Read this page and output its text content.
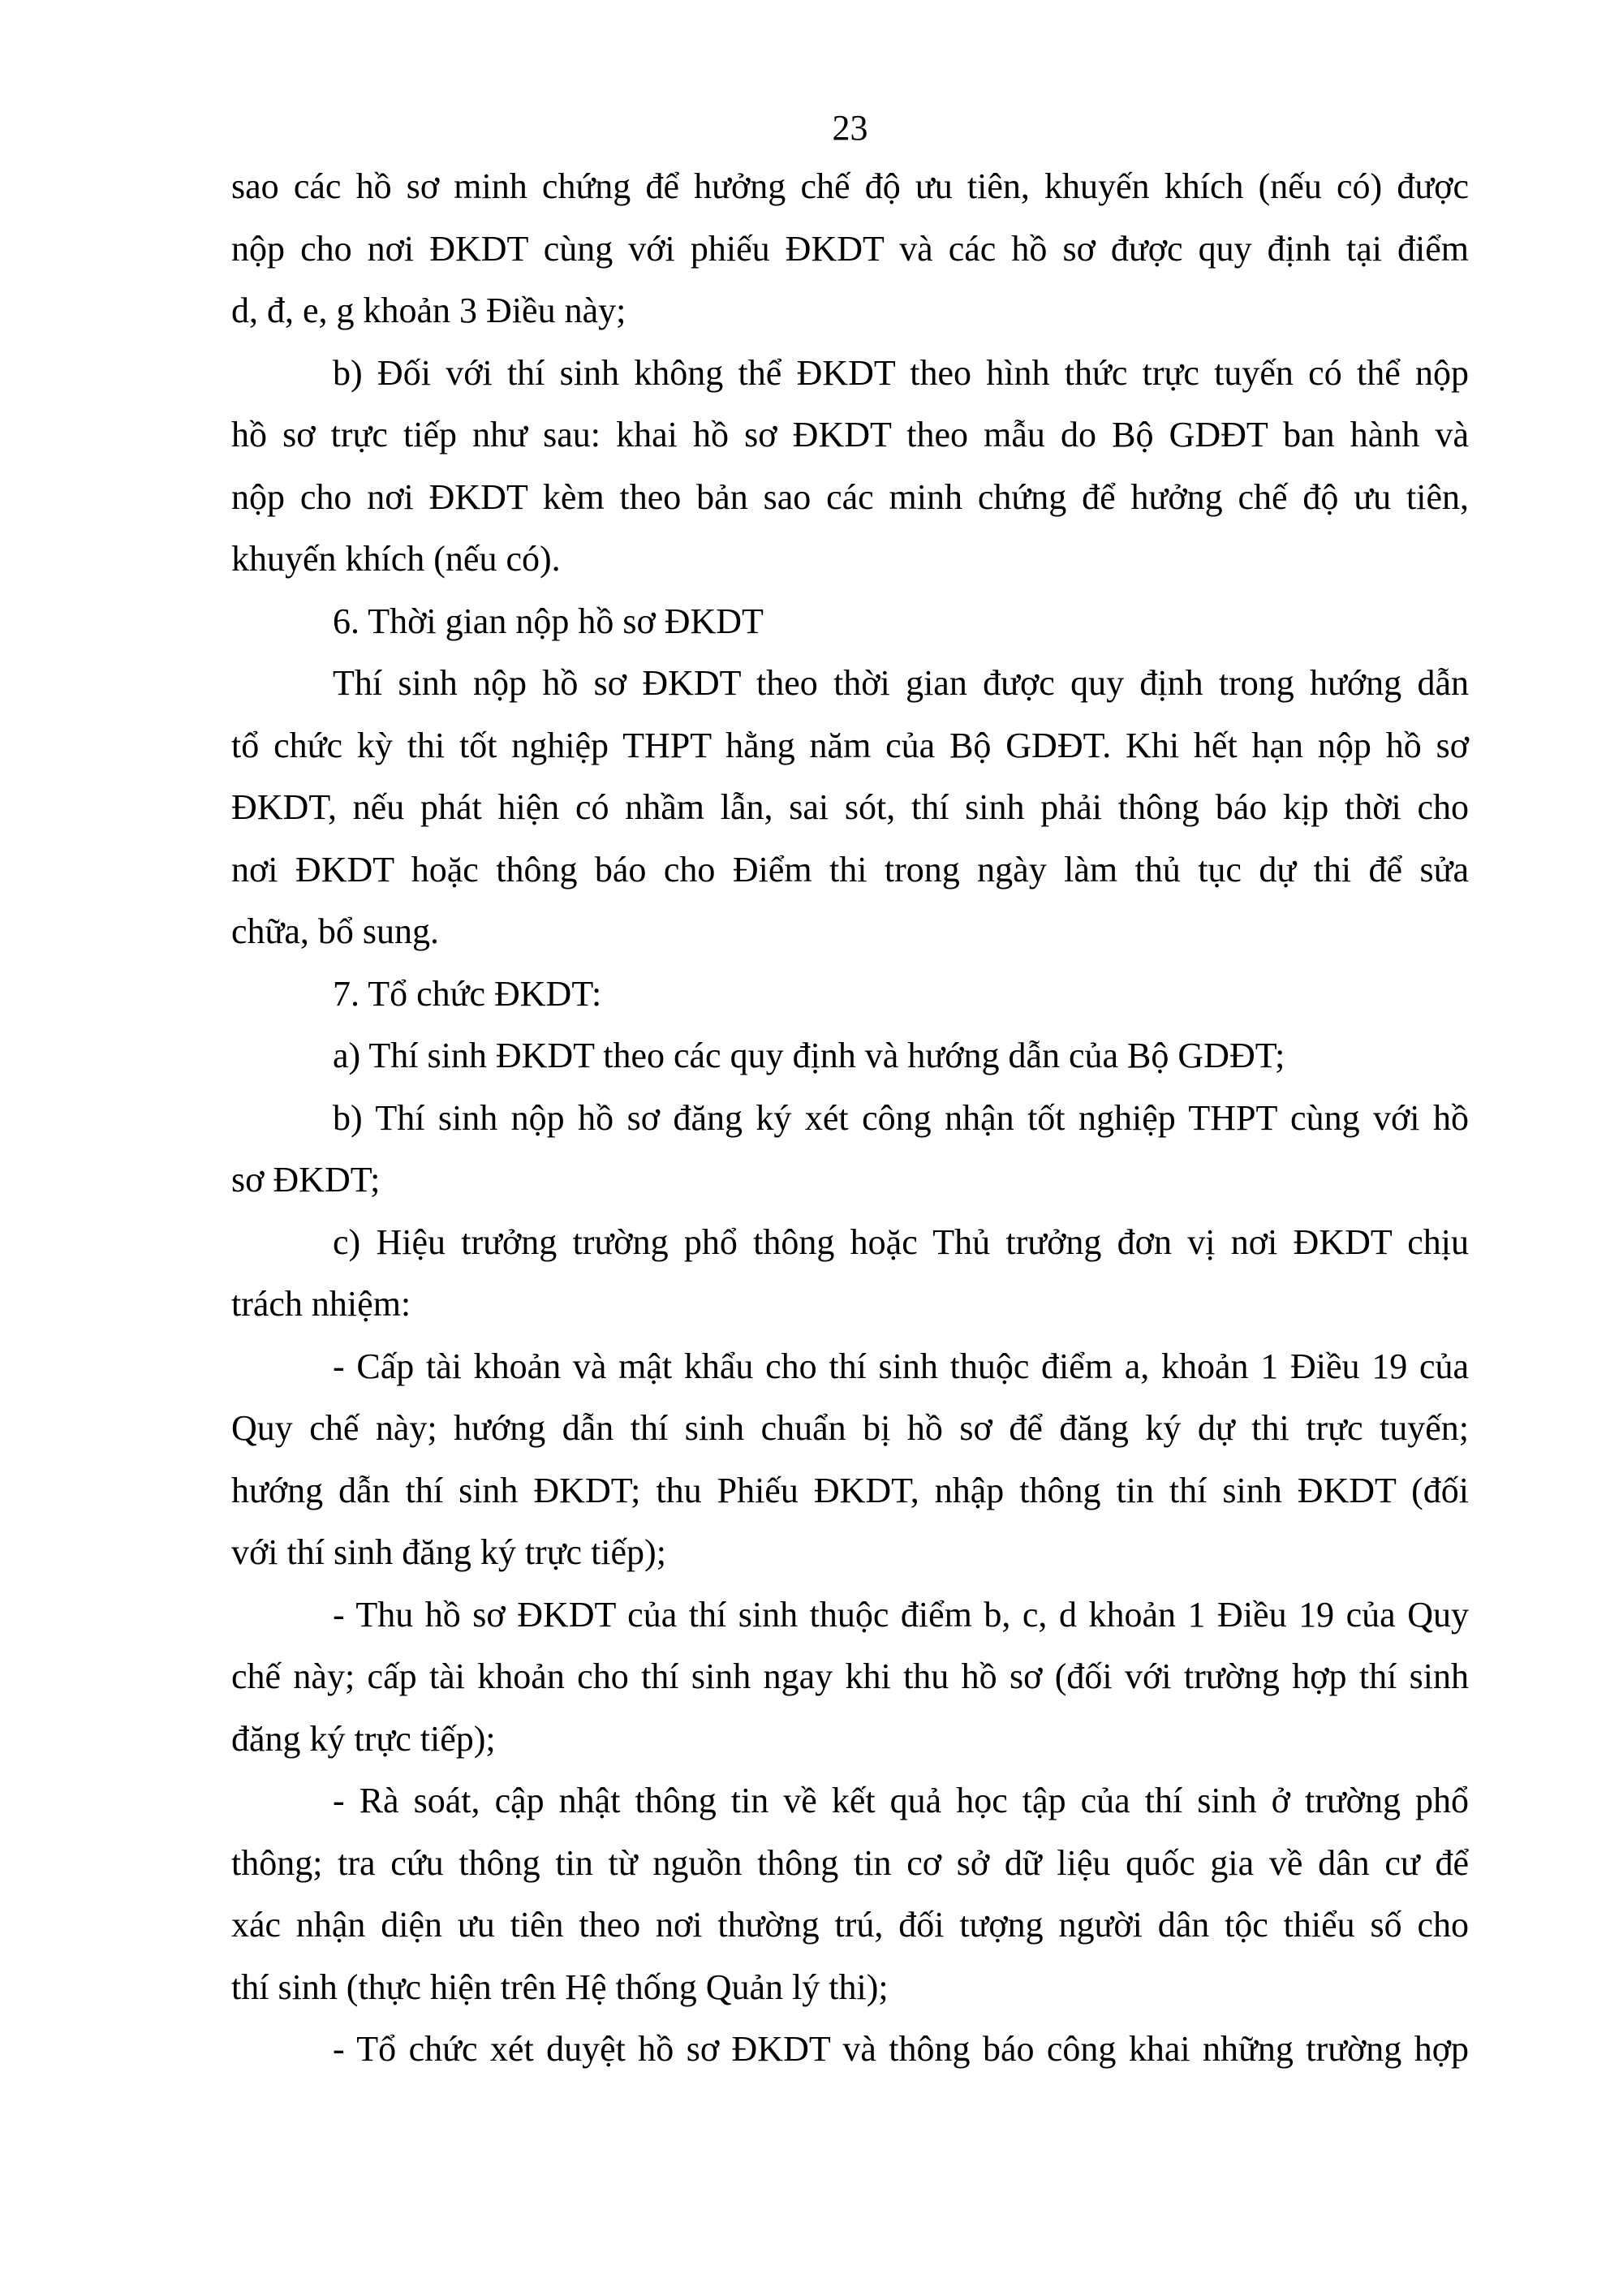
23
sao các hồ sơ minh chứng để hưởng chế độ ưu tiên, khuyến khích (nếu có) được
nộp cho nơi ĐKDT cùng với phiếu ĐKDT và các hồ sơ được quy định tại điểm
d, đ, e, g khoản 3 Điều này;
b) Đối với thí sinh không thể ĐKDT theo hình thức trực tuyến có thể nộp
hồ sơ trực tiếp như sau: khai hồ sơ ĐKDT theo mẫu do Bộ GDĐT ban hành và
nộp cho nơi ĐKDT kèm theo bản sao các minh chứng để hưởng chế độ ưu tiên,
khuyến khích (nếu có).
6. Thời gian nộp hồ sơ ĐKDT
Thí sinh nộp hồ sơ ĐKDT theo thời gian được quy định trong hướng dẫn
tổ chức kỳ thi tốt nghiệp THPT hằng năm của Bộ GDĐT. Khi hết hạn nộp hồ sơ
ĐKDT, nếu phát hiện có nhầm lẫn, sai sót, thí sinh phải thông báo kịp thời cho
nơi ĐKDT hoặc thông báo cho Điểm thi trong ngày làm thủ tục dự thi để sửa
chữa, bổ sung.
7. Tổ chức ĐKDT:
a) Thí sinh ĐKDT theo các quy định và hướng dẫn của Bộ GDĐT;
b) Thí sinh nộp hồ sơ đăng ký xét công nhận tốt nghiệp THPT cùng với hồ
sơ ĐKDT;
c) Hiệu trưởng trường phổ thông hoặc Thủ trưởng đơn vị nơi ĐKDT chịu
trách nhiệm:
- Cấp tài khoản và mật khẩu cho thí sinh thuộc điểm a, khoản 1 Điều 19 của
Quy chế này; hướng dẫn thí sinh chuẩn bị hồ sơ để đăng ký dự thi trực tuyến;
hướng dẫn thí sinh ĐKDT; thu Phiếu ĐKDT, nhập thông tin thí sinh ĐKDT (đối
với thí sinh đăng ký trực tiếp);
- Thu hồ sơ ĐKDT của thí sinh thuộc điểm b, c, d khoản 1 Điều 19 của Quy
chế này; cấp tài khoản cho thí sinh ngay khi thu hồ sơ (đối với trường hợp thí sinh
đăng ký trực tiếp);
- Rà soát, cập nhật thông tin về kết quả học tập của thí sinh ở trường phổ
thông; tra cứu thông tin từ nguồn thông tin cơ sở dữ liệu quốc gia về dân cư để
xác nhận diện ưu tiên theo nơi thường trú, đối tượng người dân tộc thiểu số cho
thí sinh (thực hiện trên Hệ thống Quản lý thi);
- Tổ chức xét duyệt hồ sơ ĐKDT và thông báo công khai những trường hợp
